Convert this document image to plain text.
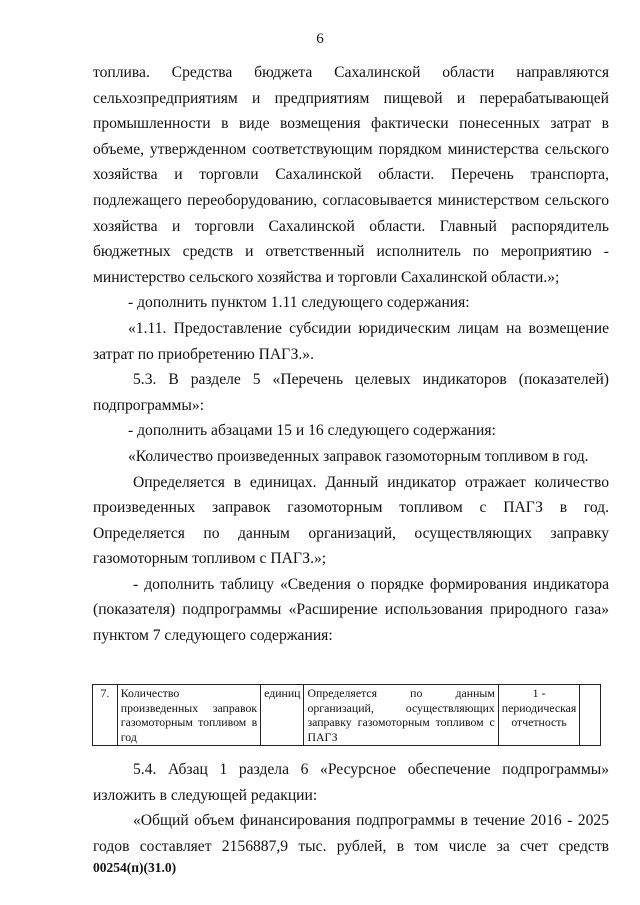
6

топлива. Средства бюджета Сахалинской области направляются сельхозпредприятиям и предприятиям пищевой и перерабатывающей промышленности в виде возмещения фактически понесенных затрат в объеме, утвержденном соответствующим порядком министерства сельского хозяйства и торговли Сахалинской области. Перечень транспорта, подлежащего переоборудованию, согласовывается министерством сельского хозяйства и торговли Сахалинской области. Главный распорядитель бюджетных средств и ответственный исполнитель по мероприятию - министерство сельского хозяйства и торговли Сахалинской области.»;

- дополнить пунктом 1.11 следующего содержания:

«1.11. Предоставление субсидии юридическим лицам на возмещение затрат по приобретению ПАГЗ.».

5.3. В разделе 5 «Перечень целевых индикаторов (показателей) подпрограммы»:

- дополнить абзацами 15 и 16 следующего содержания:

«Количество произведенных заправок газомоторным топливом в год.

Определяется в единицах. Данный индикатор отражает количество произведенных заправок газомоторным топливом с ПАГЗ в год. Определяется по данным организаций, осуществляющих заправку газомоторным топливом с ПАГЗ.»;

- дополнить таблицу «Сведения о порядке формирования индикатора (показателя) подпрограммы «Расширение использования природного газа» пунктом 7 следующего содержания:

7.	Количество произведенных заправок газомоторным топливом в год	единиц	Определяется по данным организаций, осуществляющих заправку газомоторным топливом с ПАГЗ	1 - периодическая отчетность	

5.4. Абзац 1 раздела 6 «Ресурсное обеспечение подпрограммы» изложить в следующей редакции:

«Общий объем финансирования подпрограммы в течение 2016 - 2025 годов составляет 2156887,9 тыс. рублей, в том числе за счет средств

00254(п)(31.0)
